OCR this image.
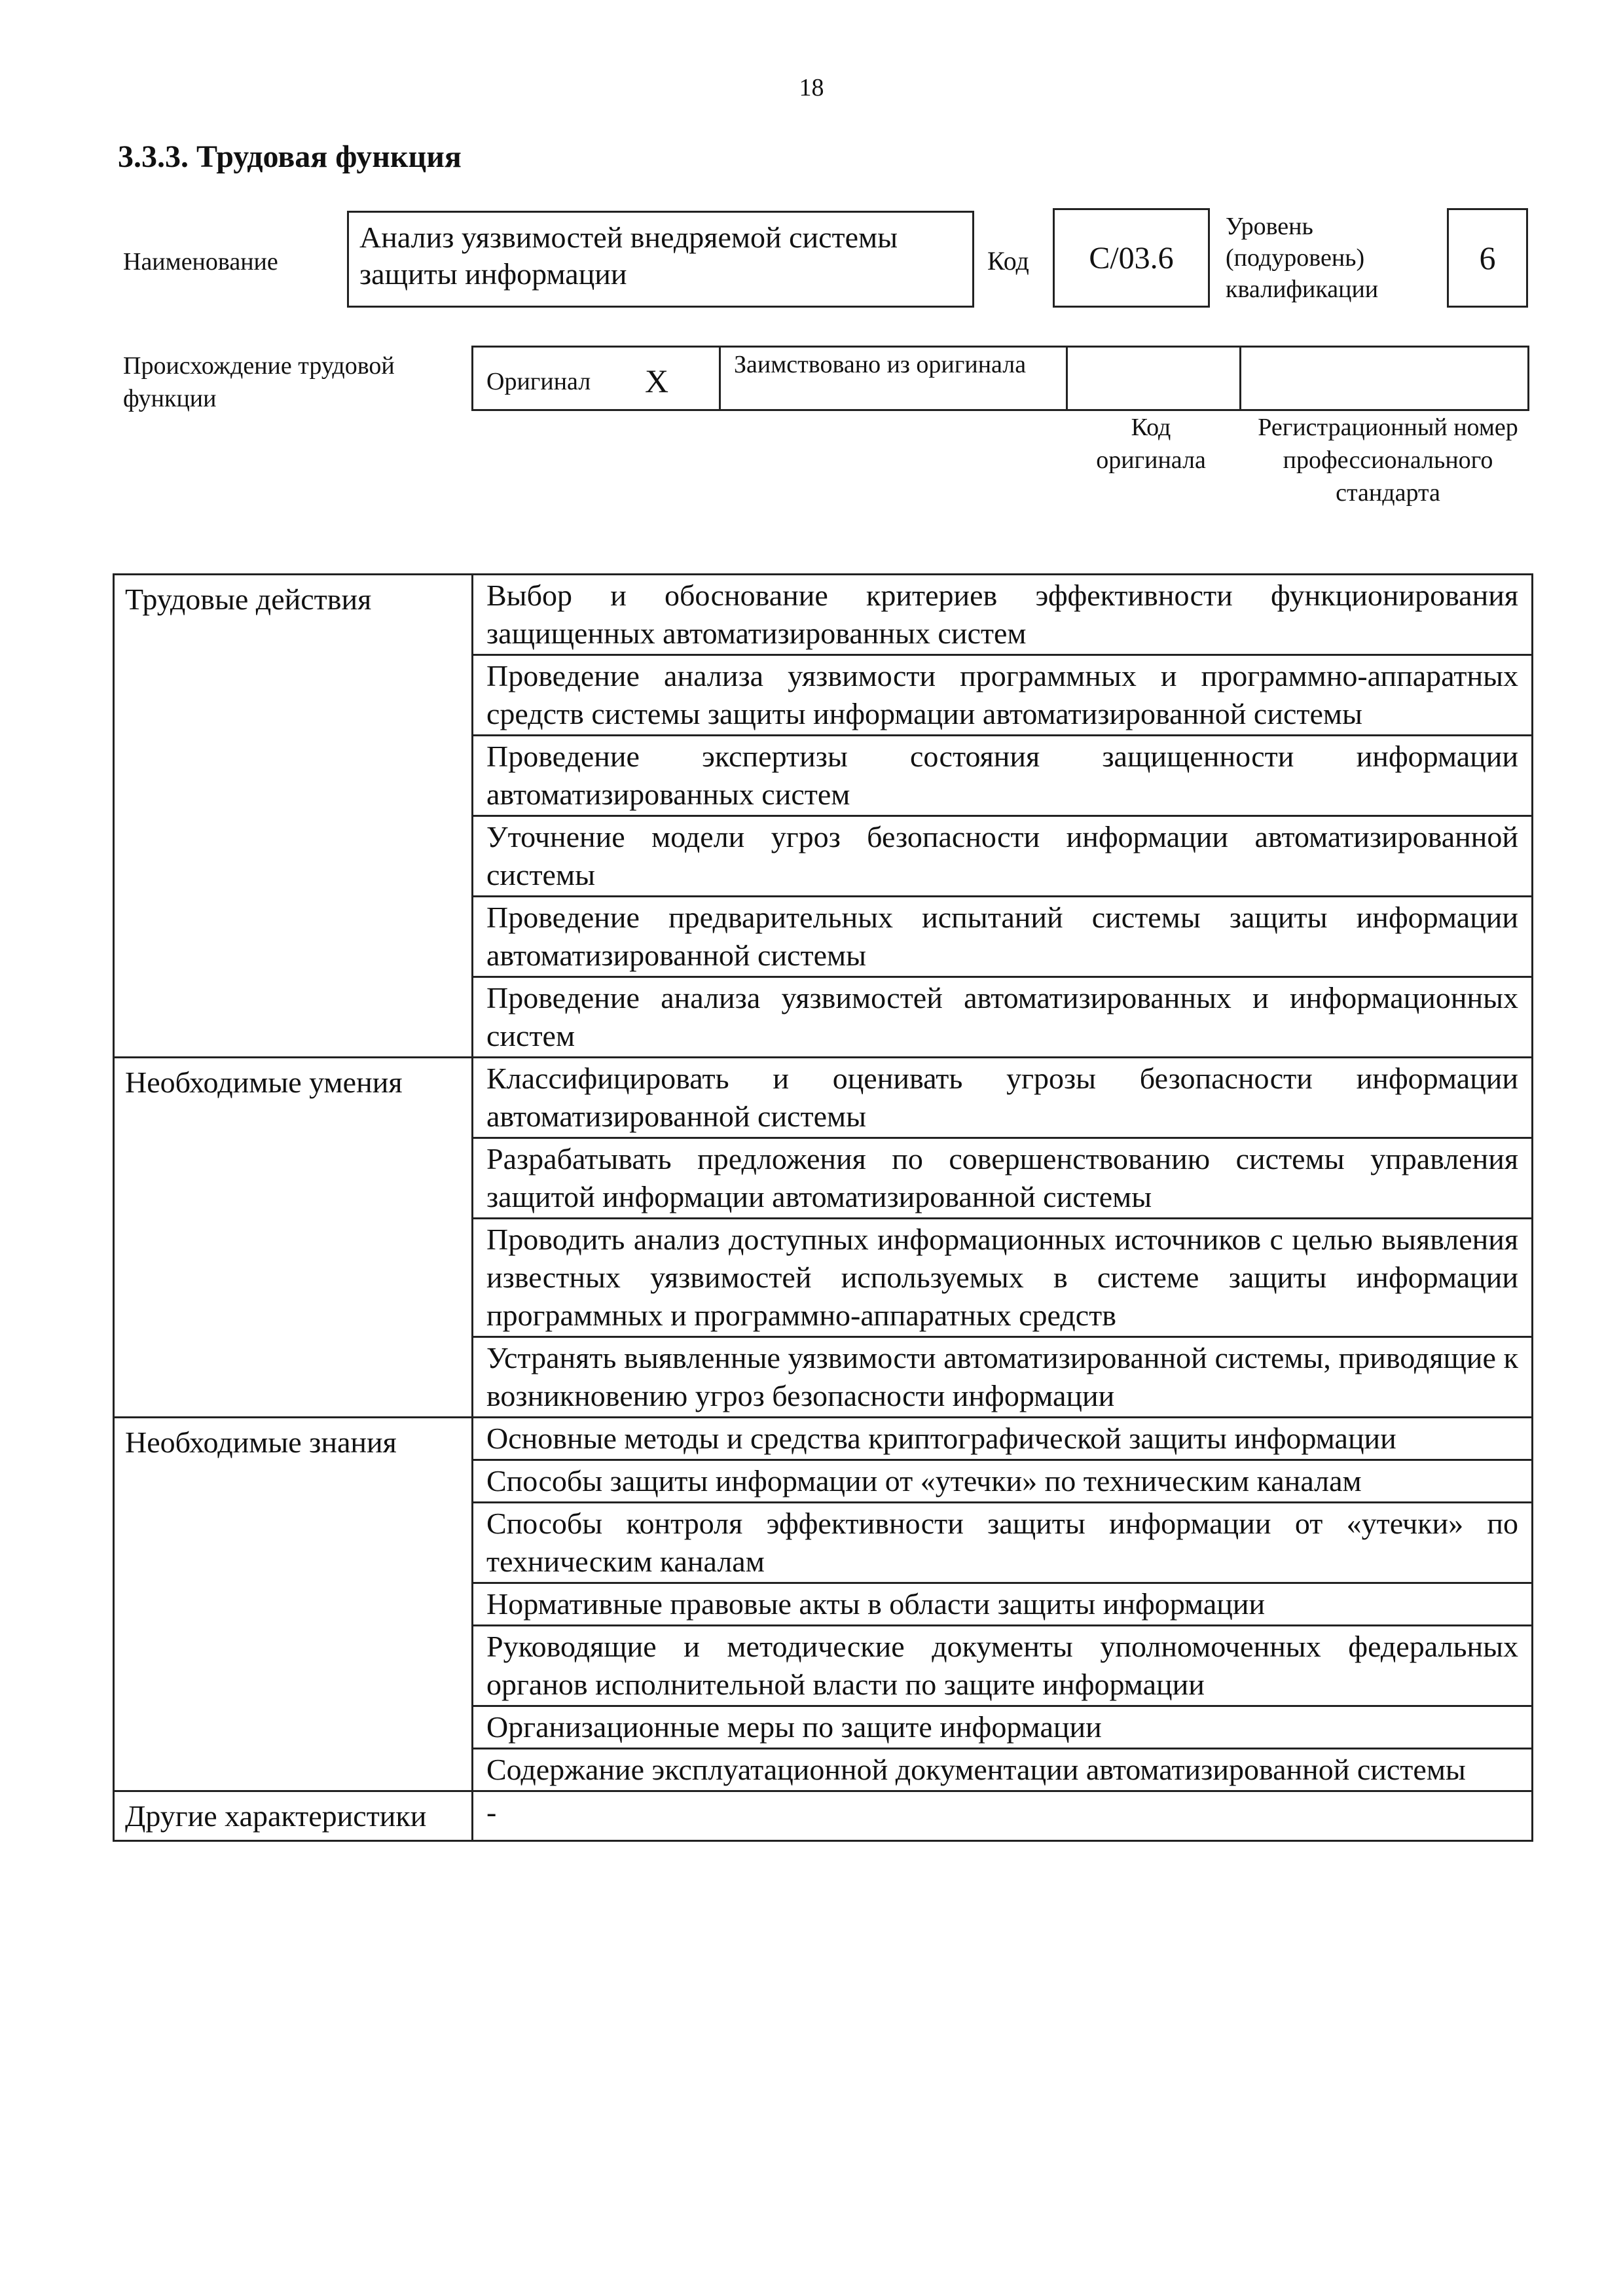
18
3.3.3. Трудовая функция
Наименование
Анализ уязвимостей внедряемой системы защиты информации	Код	С/03.6
Уровень (подуровень) квалификации
6
Происхождение трудовой функции
Оригинал X	Заимствовано из оригинала
Код оригинала
Регистрационный номер профессионального стандарта
Трудовые действия	Выбор и обоснование критериев эффективности функционирования защищенных автоматизированных систем
Проведение анализа уязвимости программных и программно-аппаратных средств системы защиты информации автоматизированной системы
Проведение экспертизы состояния защищенности информации автоматизированных систем
Уточнение модели угроз безопасности информации автоматизированной системы
Проведение предварительных испытаний системы защиты информации автоматизированной системы
Проведение анализа уязвимостей автоматизированных и информационных систем
Необходимые умения	Классифицировать и оценивать угрозы безопасности информации автоматизированной системы
Разрабатывать предложения по совершенствованию системы управления защитой информации автоматизированной системы
Проводить анализ доступных информационных источников с целью выявления известных уязвимостей используемых в системе защиты информации программных и программно-аппаратных средств
Устранять выявленные уязвимости автоматизированной системы, приводящие к возникновению угроз безопасности информации
Необходимые знания	Основные методы и средства криптографической защиты информации
Способы защиты информации от «утечки» по техническим каналам
Способы контроля эффективности защиты информации от «утечки» по техническим каналам
Нормативные правовые акты в области защиты информации
Руководящие и методические документы уполномоченных федеральных органов исполнительной власти по защите информации
Организационные меры по защите информации
Содержание эксплуатационной документации автоматизированной системы
Другие характеристики	-
